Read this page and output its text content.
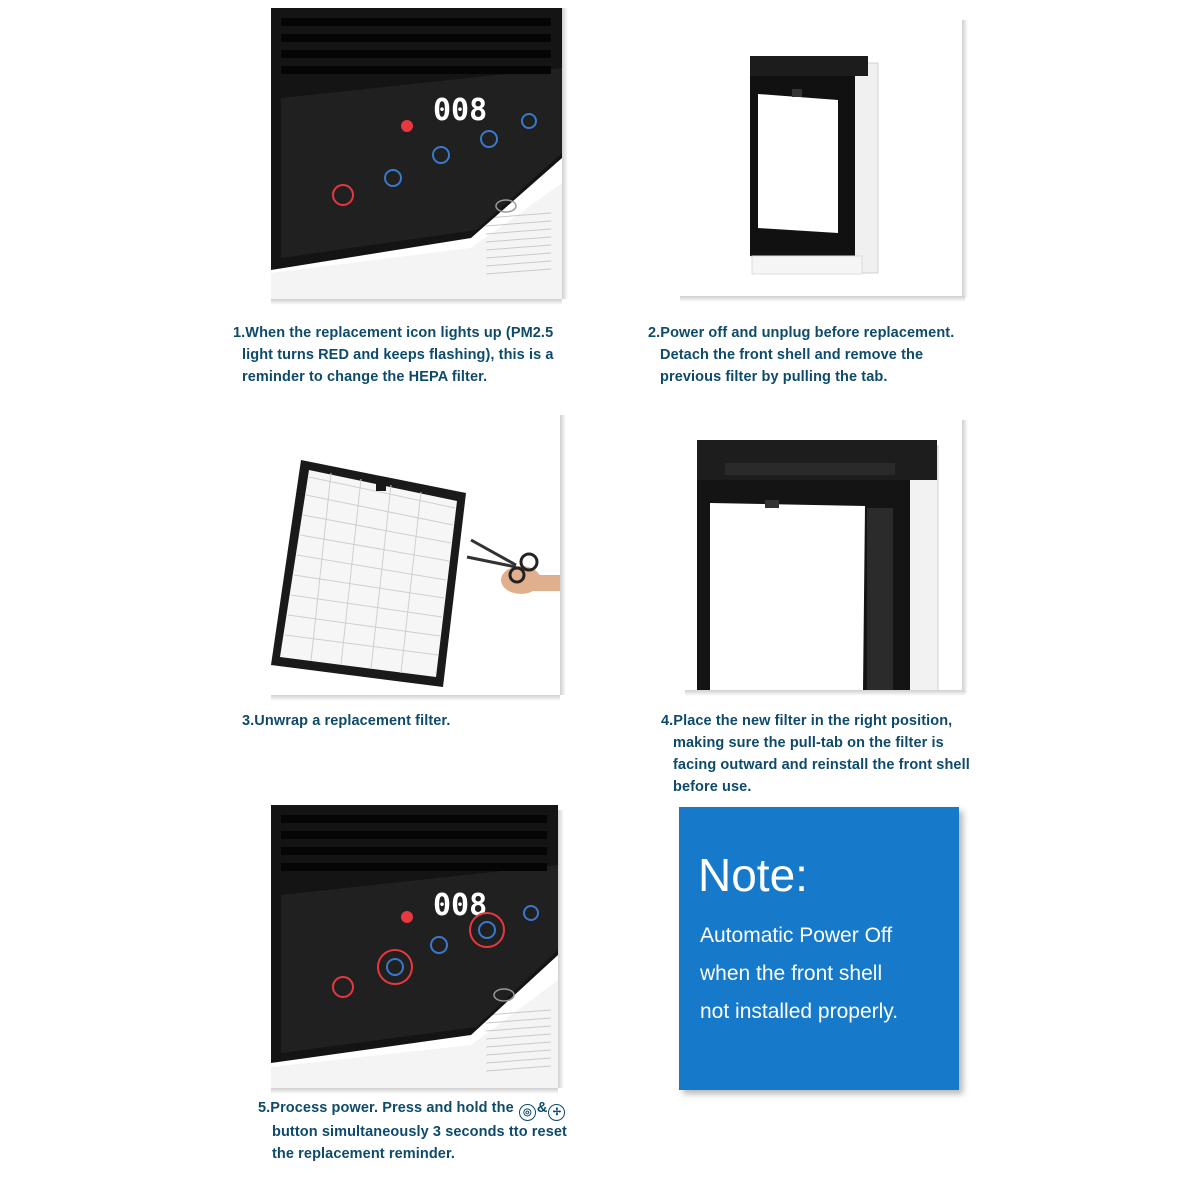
008
1.When the replacement icon lights up (PM2.5
light turns RED and keeps flashing), this is a
reminder to change the HEPA filter.
2.Power off and unplug before replacement.
Detach the front shell and remove the
previous filter by pulling the tab.
3.Unwrap a replacement filter.	4.Place the new filter in the right position,
making sure the pull-tab on the filter is
facing outward and reinstall the front shell
before use.
008
Note:
Automatic Power Off
when the front shell
not installed properly.
5.Process power. Press and hold the ◎ & ✢
button simultaneously 3 seconds tto reset
the replacement reminder.
